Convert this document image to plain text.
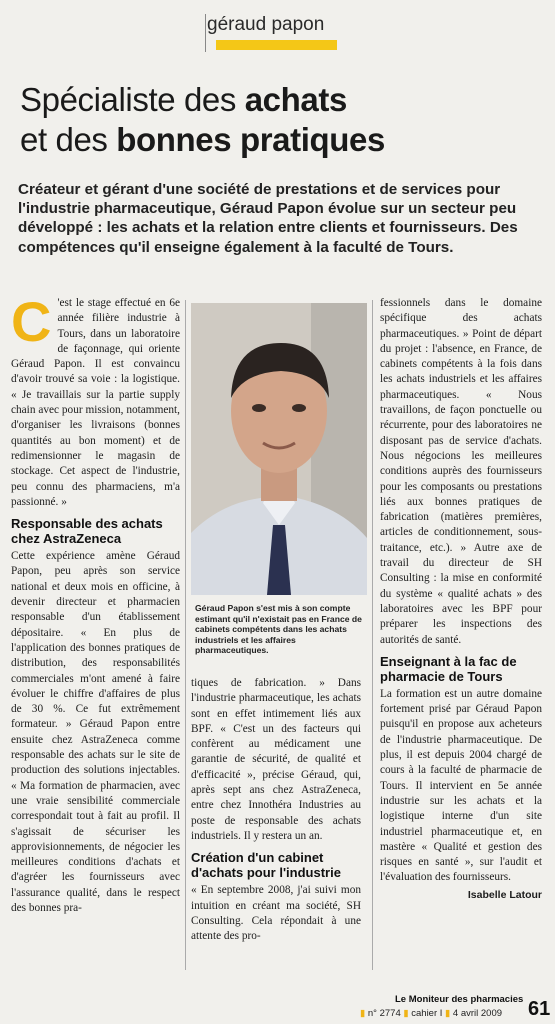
géraud papon
Spécialiste des achats
et des bonnes pratiques
Créateur et gérant d'une société de prestations et de services pour l'industrie pharmaceutique, Géraud Papon évolue sur un secteur peu développé : les achats et la relation entre clients et fournisseurs. Des compétences qu'il enseigne également à la faculté de Tours.
C 'est le stage effectué en 6e année filière industrie à Tours, dans un laboratoire de façonnage, qui oriente Géraud Papon. Il est convaincu d'avoir trouvé sa voie : la logistique. « Je travaillais sur la partie supply chain avec pour mission, notamment, d'organiser les livraisons (bonnes quantités au bon moment) et de redimensionner le magasin de stockage. Cet aspect de l'industrie, peu connu des pharmaciens, m'a passionné. »

Responsable des achats chez AstraZeneca

Cette expérience amène Géraud Papon, peu après son service national et deux mois en officine, à devenir directeur et pharmacien responsable d'un établissement dépositaire. « En plus de l'application des bonnes pratiques de distribution, des responsabilités commerciales m'ont amené à faire évoluer le chiffre d'affaires de plus de 30 %. Ce fut extrêmement formateur. » Géraud Papon entre ensuite chez AstraZeneca comme responsable des achats sur le site de production des solutions injectables. « Ma formation de pharmacien, avec une vraie sensibilité commerciale correspondait tout à fait au profil. Il s'agissait de sécuriser les approvisionnements, de négocier les meilleures conditions d'achats et d'agréer les fournisseurs avec l'assurance qualité, dans le respect des bonnes pra-

Géraud Papon s'est mis à son compte estimant qu'il n'existait pas en France de cabinets compétents dans les achats industriels et les affaires pharmaceutiques.

tiques de fabrication. » Dans l'industrie pharmaceutique, les achats sont en effet intimement liés aux BPF. « C'est un des facteurs qui confèrent au médicament une garantie de sécurité, de qualité et d'efficacité », précise Géraud, qui, après sept ans chez AstraZeneca, entre chez Innothéra Industries au poste de responsable des achats industriels. Il y restera un an.

Création d'un cabinet d'achats pour l'industrie

« En septembre 2008, j'ai suivi mon intuition en créant ma société, SH Consulting. Cela répondait à une attente des pro-

fessionnels dans le domaine spécifique des achats pharmaceutiques. » Point de départ du projet : l'absence, en France, de cabinets compétents à la fois dans les achats industriels et les affaires pharmaceutiques. « Nous travaillons, de façon ponctuelle ou récurrente, pour des laboratoires ne disposant pas de service d'achats. Nous négocions les meilleures conditions auprès des fournisseurs pour les composants ou prestations liés aux bonnes pratiques de fabrication (matières premières, articles de conditionnement, sous-traitance, etc.). » Autre axe de travail du directeur de SH Consulting : la mise en conformité du système « qualité achats » des laboratoires avec les BPF pour préparer les inspections des autorités de santé.

Enseignant à la fac de pharmacie de Tours

La formation est un autre domaine fortement prisé par Géraud Papon puisqu'il en propose aux acheteurs de l'industrie pharmaceutique. De plus, il est depuis 2004 chargé de cours à la faculté de pharmacie de Tours. Il intervient en 5e année industrie sur les achats et la logistique interne d'un site industriel pharmaceutique et, en mastère « Qualité et gestion des risques en santé », sur l'audit et l'évaluation des fournisseurs.

Isabelle Latour
Le Moniteur des pharmacies
▮ n° 2774 ▮ cahier I ▮ 4 avril 2009 61
